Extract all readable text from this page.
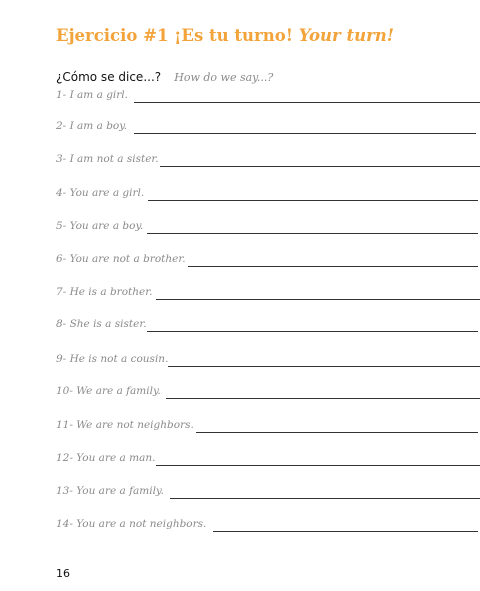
Ejercicio #1 ¡Es tu turno! Your turn!
¿Cómo se dice...? How do we say...?
1- I am a girl.
2- I am a boy.
3- I am not a sister.
4- You are a girl.
5- You are a boy.
6- You are not a brother.
7- He is a brother.
8- She is a sister.
9- He is not a cousin.
10- We are a family.
11- We are not neighbors.
12- You are a man.
13- You are a family.
14- You are a not neighbors.
16
